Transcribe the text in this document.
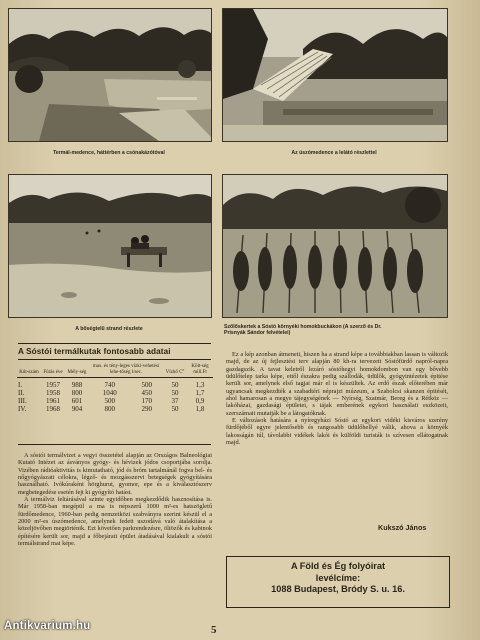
Termál-medence, háttérben a csónakázótóval	Az úszómedence a lelátó részlettel
A bőségtelű strand részlete	Szőlőskertek a Sóstó környéki homokbuckákon (A szerző és Dr.
Prisnyák Sándor felvételei)
A Sóstói termálkutak fontosabb adatai
Kút-szám	Fúrás éve	Mély-ség	max. és tény-leges vízki-vehetési lehe-tőség l/sec.		Vízhő C°	Költ-ség mill.Ft
I.	1957	988	740	500	50	1,3
II.	1958	800	1040	450	50	1,7
III.	1961	601	500	170	37	0,9
IV.	1968	904	800	290	50	1,8

A sóstói termálvizet a vegyi összetétel alapján az Országos Balneológiai Kutató Intézet az ásványos gyógy- és hévizek jódos csoportjába sorolja. Vizében rádióaktivitás is kimutatható, jód és bróm tartalmánál fogva bel- és nőgyógyászati célokra, légző- és mozgásszervi betegségek gyógyítására használható. Ivókúraként hörghurut, gyomor, epe és a kiválasztószerv megbetegedése esetén fejt ki gyógyító hatást.

A termálviz feltárásával szinte egyidőben megkezdődik hasznosítása is. Már 1958-ban megépül a ma is népszerű 1000 m²-es hatszögletű fürdőmedence, 1960-ban pedig nemzetközi szabványra szerint készül el a 2000 m²-es úszómedence, amelynek fedett uszodává való átalakítása a közeljövőben megtörténik. Ezt követően parkrendezésre, öltözők és kabinok építésére került sor, majd a főbejárati épület átadásával kialakult a sóstói termálstrand mai képe.

Ez a kép azonban átmeneti, hiszen ha a strand képe a továbbiakban lassan is változik majd, de az új fejlesztési terv alapján 80 kh-ra tervezett Sóstófürdő napról-napra gazdagszik. A tavat keletről lezáró sóstóhegyi homokdombon van egy bővebb üdülőtelep tarka képe, ettől északra pedig szállodák, üdülők, gyógyintézetek épitése került sor, amelynek első tagjai már el is készültek. Az erdő észak előterében már ugyancsak megkezdték a szabadtéri néprajzi múzeum, a Szabolcsi skanzen épitését, ahol hamarosan a megye tájegységének — Nyírség, Szatmár, Bereg és a Rétköz — lakóházai, gazdasági épületei, s tájak emberének egykori használati eszközeit, szerszámait mutatják be a látogatóknak.

E változások hatására a nyíregyházi Sóstó az egykori vidéki kisváros szerény fürdőjéből egyre jelentősebb és rangosabb üdülőhellyé válik, ahova a környék lakosságán túl, távolabbi vidékek lakói és külföldi turisták is szívesen ellátogatnak majd.

Kukszó János
A Föld és Ég folyóirat
levélcíme:
1088 Budapest, Bródy S. u. 16.
5
Antikvarium.hu
